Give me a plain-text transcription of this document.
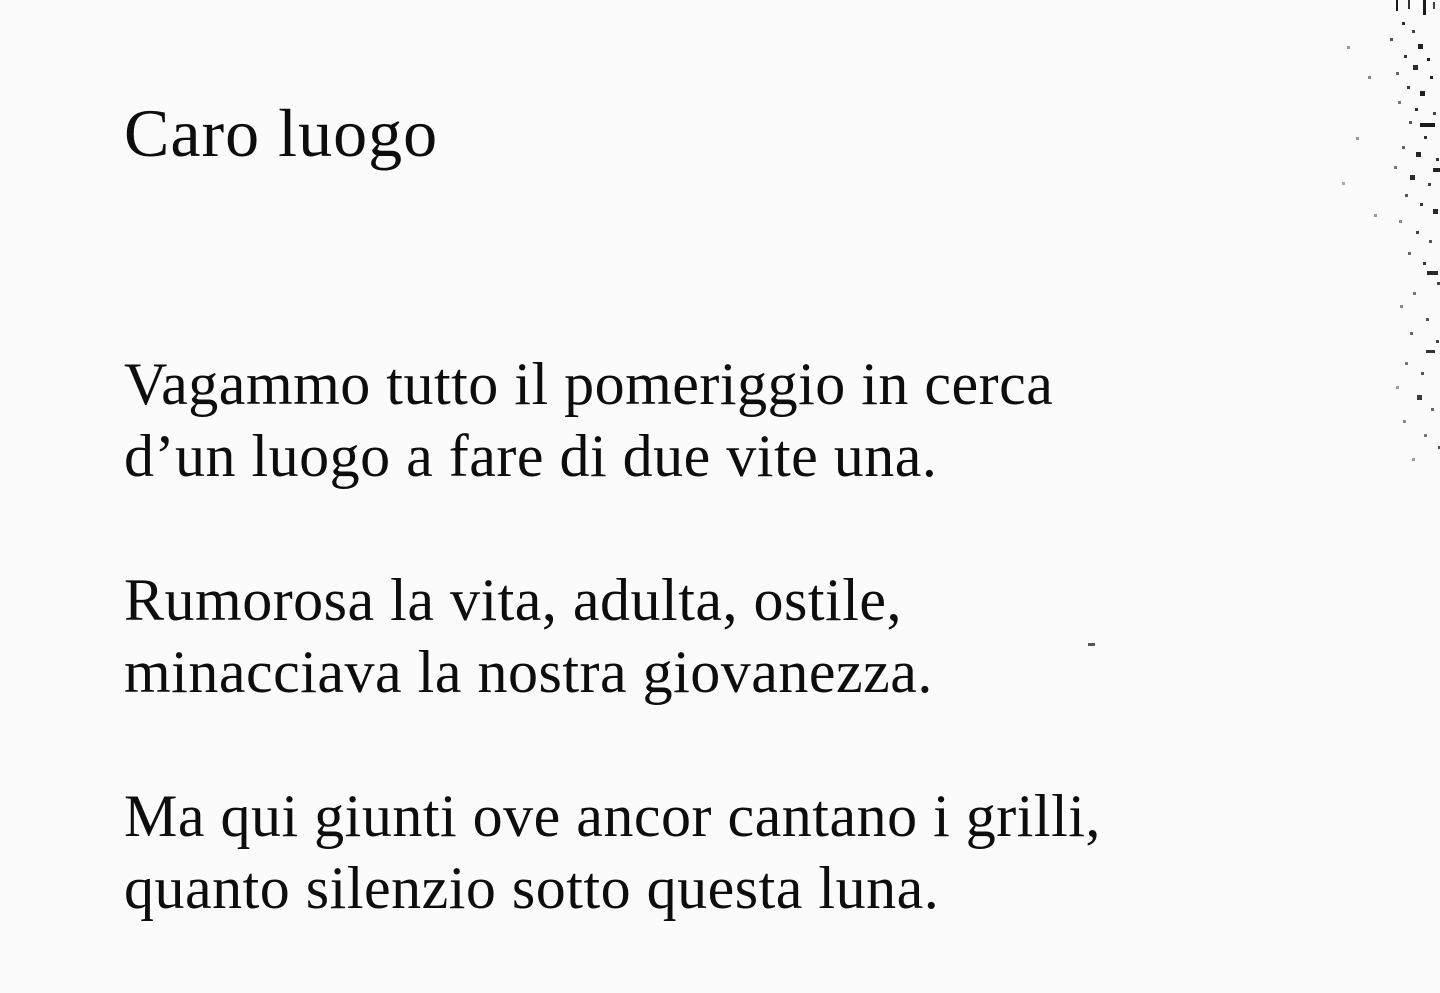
Caro luogo
Vagammo tutto il pomeriggio in cerca
d’un luogo a fare di due vite una.
Rumorosa la vita, adulta, ostile,
minacciava la nostra giovanezza.
Ma qui giunti ove ancor cantano i grilli,
quanto silenzio sotto questa luna.
